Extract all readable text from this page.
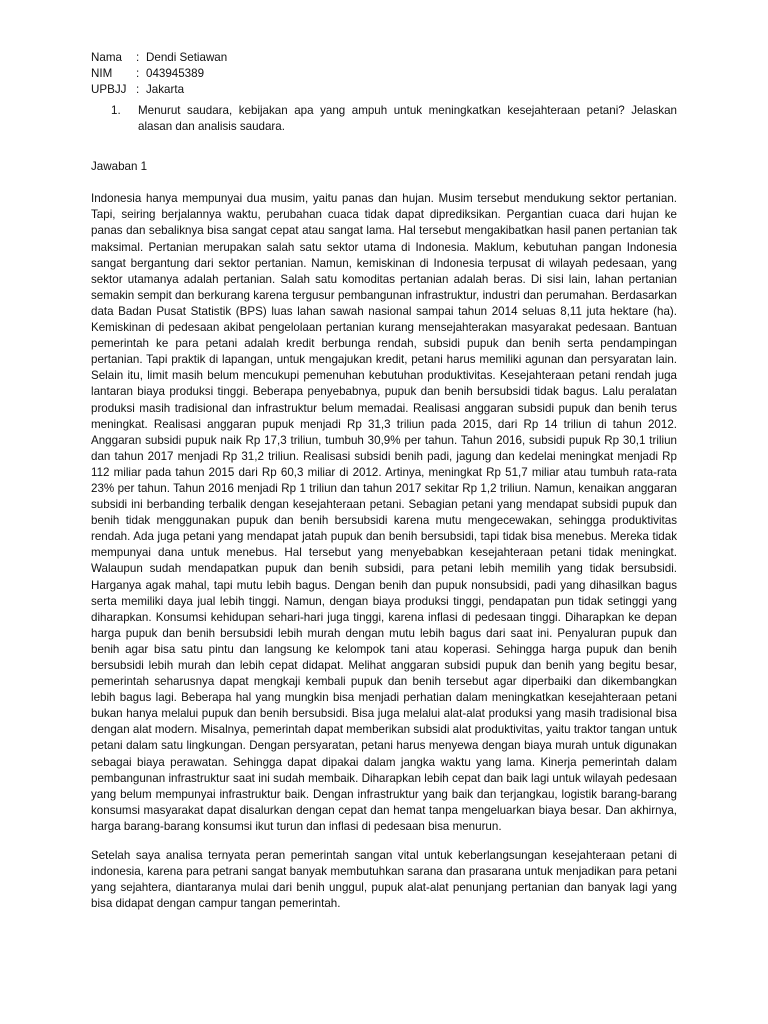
Nama	: Dendi Setiawan
NIM	: 043945389
UPBJJ : Jakarta
1.	Menurut saudara, kebijakan apa yang ampuh untuk meningkatkan kesejahteraan petani? Jelaskan alasan dan analisis saudara.
Jawaban 1

Indonesia hanya mempunyai dua musim, yaitu panas dan hujan. Musim tersebut mendukung sektor pertanian. Tapi, seiring berjalannya waktu, perubahan cuaca tidak dapat diprediksikan. Pergantian cuaca dari hujan ke panas dan sebaliknya bisa sangat cepat atau sangat lama. Hal tersebut mengakibatkan hasil panen pertanian tak maksimal. Pertanian merupakan salah satu sektor utama di Indonesia. Maklum, kebutuhan pangan Indonesia sangat bergantung dari sektor pertanian. Namun, kemiskinan di Indonesia terpusat di wilayah pedesaan, yang sektor utamanya adalah pertanian. Salah satu komoditas pertanian adalah beras. Di sisi lain, lahan pertanian semakin sempit dan berkurang karena tergusur pembangunan infrastruktur, industri dan perumahan. Berdasarkan data Badan Pusat Statistik (BPS) luas lahan sawah nasional sampai tahun 2014 seluas 8,11 juta hektare (ha). Kemiskinan di pedesaan akibat pengelolaan pertanian kurang mensejahterakan masyarakat pedesaan. Bantuan pemerintah ke para petani adalah kredit berbunga rendah, subsidi pupuk dan benih serta pendampingan pertanian. Tapi praktik di lapangan, untuk mengajukan kredit, petani harus memiliki agunan dan persyaratan lain. Selain itu, limit masih belum mencukupi pemenuhan kebutuhan produktivitas. Kesejahteraan petani rendah juga lantaran biaya produksi tinggi. Beberapa penyebabnya, pupuk dan benih bersubsidi tidak bagus. Lalu peralatan produksi masih tradisional dan infrastruktur belum memadai. Realisasi anggaran subsidi pupuk dan benih terus meningkat. Realisasi anggaran pupuk menjadi Rp 31,3 triliun pada 2015, dari Rp 14 triliun di tahun 2012. Anggaran subsidi pupuk naik Rp 17,3 triliun, tumbuh 30,9% per tahun. Tahun 2016, subsidi pupuk Rp 30,1 triliun dan tahun 2017 menjadi Rp 31,2 triliun. Realisasi subsidi benih padi, jagung dan kedelai meningkat menjadi Rp 112 miliar pada tahun 2015 dari Rp 60,3 miliar di 2012. Artinya, meningkat Rp 51,7 miliar atau tumbuh rata-rata 23% per tahun. Tahun 2016 menjadi Rp 1 triliun dan tahun 2017 sekitar Rp 1,2 triliun. Namun, kenaikan anggaran subsidi ini berbanding terbalik dengan kesejahteraan petani. Sebagian petani yang mendapat subsidi pupuk dan benih tidak menggunakan pupuk dan benih bersubsidi karena mutu mengecewakan, sehingga produktivitas rendah. Ada juga petani yang mendapat jatah pupuk dan benih bersubsidi, tapi tidak bisa menebus. Mereka tidak mempunyai dana untuk menebus. Hal tersebut yang menyebabkan kesejahteraan petani tidak meningkat. Walaupun sudah mendapatkan pupuk dan benih subsidi, para petani lebih memilih yang tidak bersubsidi. Harganya agak mahal, tapi mutu lebih bagus. Dengan benih dan pupuk nonsubsidi, padi yang dihasilkan bagus serta memiliki daya jual lebih tinggi. Namun, dengan biaya produksi tinggi, pendapatan pun tidak setinggi yang diharapkan. Konsumsi kehidupan sehari-hari juga tinggi, karena inflasi di pedesaan tinggi. Diharapkan ke depan harga pupuk dan benih bersubsidi lebih murah dengan mutu lebih bagus dari saat ini. Penyaluran pupuk dan benih agar bisa satu pintu dan langsung ke kelompok tani atau koperasi. Sehingga harga pupuk dan benih bersubsidi lebih murah dan lebih cepat didapat. Melihat anggaran subsidi pupuk dan benih yang begitu besar, pemerintah seharusnya dapat mengkaji kembali pupuk dan benih tersebut agar diperbaiki dan dikembangkan lebih bagus lagi. Beberapa hal yang mungkin bisa menjadi perhatian dalam meningkatkan kesejahteraan petani bukan hanya melalui pupuk dan benih bersubsidi. Bisa juga melalui alat-alat produksi yang masih tradisional bisa dengan alat modern. Misalnya, pemerintah dapat memberikan subsidi alat produktivitas, yaitu traktor tangan untuk petani dalam satu lingkungan. Dengan persyaratan, petani harus menyewa dengan biaya murah untuk digunakan sebagai biaya perawatan. Sehingga dapat dipakai dalam jangka waktu yang lama. Kinerja pemerintah dalam pembangunan infrastruktur saat ini sudah membaik. Diharapkan lebih cepat dan baik lagi untuk wilayah pedesaan yang belum mempunyai infrastruktur baik. Dengan infrastruktur yang baik dan terjangkau, logistik barang-barang konsumsi masyarakat dapat disalurkan dengan cepat dan hemat tanpa mengeluarkan biaya besar. Dan akhirnya, harga barang-barang konsumsi ikut turun dan inflasi di pedesaan bisa menurun.

Setelah saya analisa ternyata peran pemerintah sangan vital untuk keberlangsungan kesejahteraan petani di indonesia, karena para petrani sangat banyak membutuhkan sarana dan prasarana untuk menjadikan para petani yang sejahtera, diantaranya mulai dari benih unggul, pupuk alat-alat penunjang pertanian dan banyak lagi yang bisa didapat dengan campur tangan pemerintah.
